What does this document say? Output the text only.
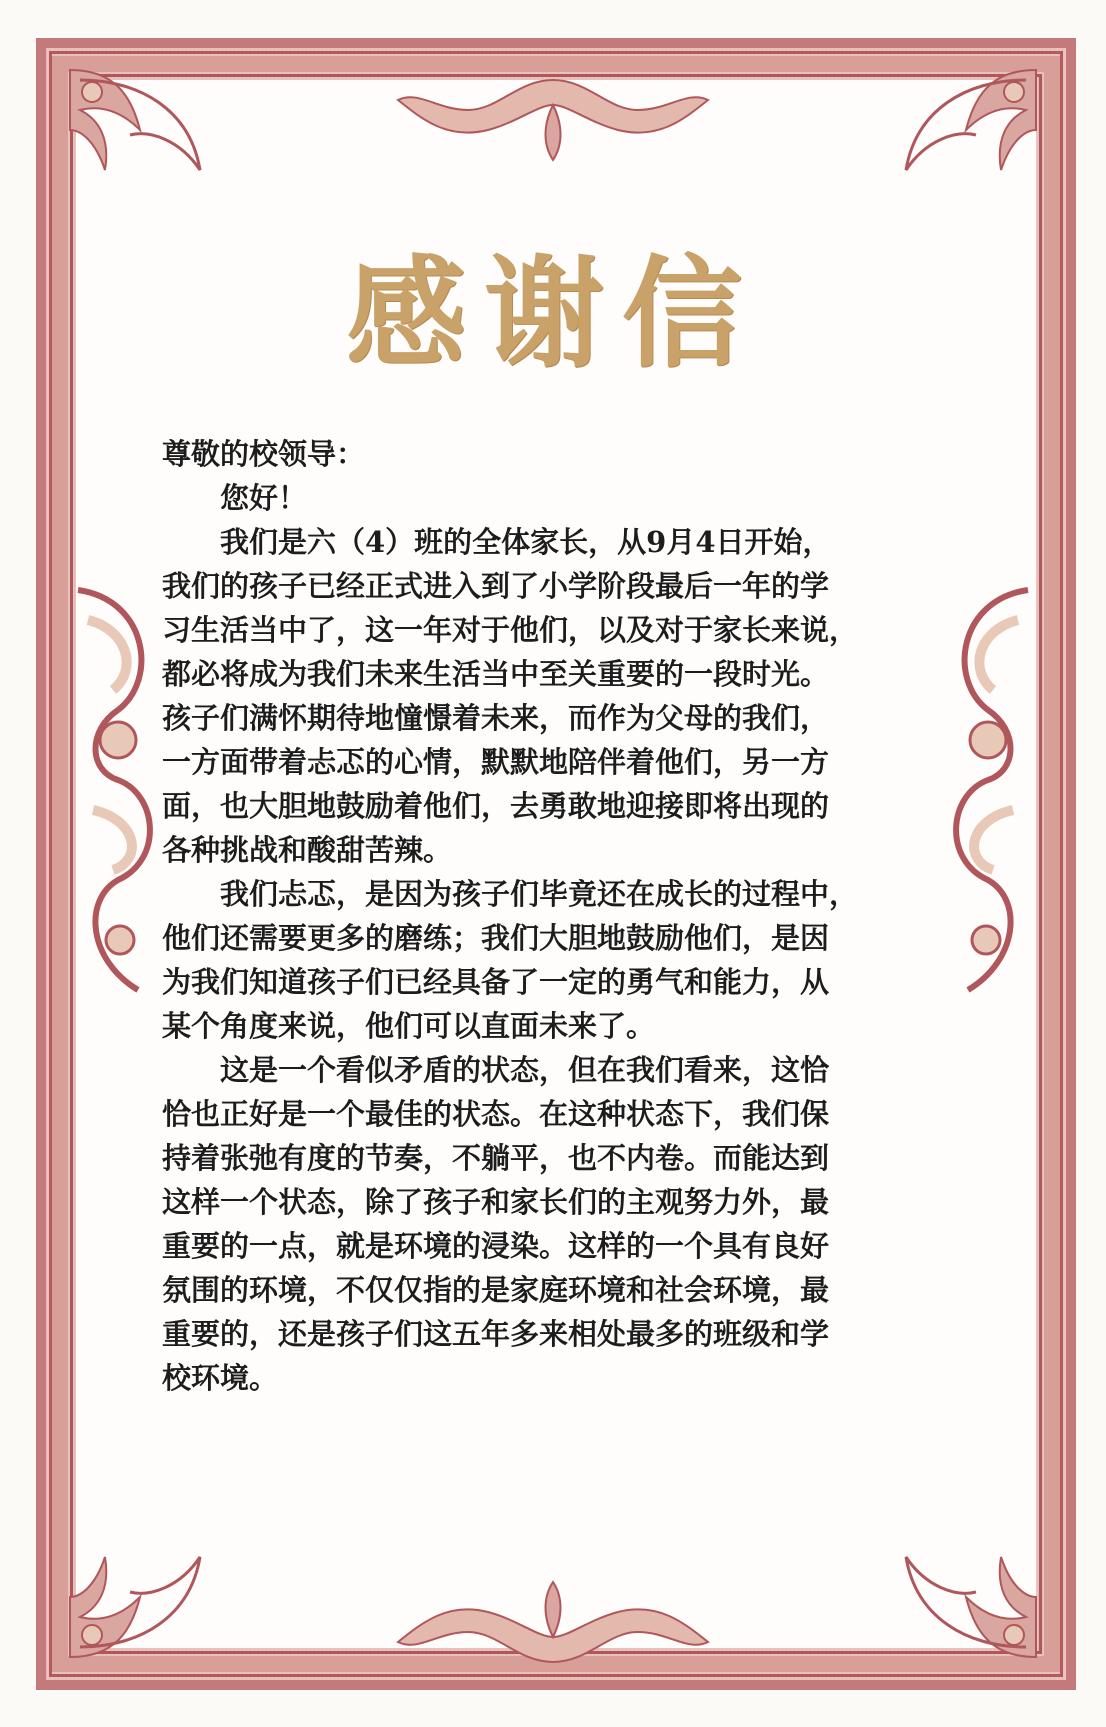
感谢信

尊敬的校领导：

您好！

我们是六（4）班的全体家长，从9月4日开始，
我们的孩子已经正式进入到了小学阶段最后一年的学
习生活当中了，这一年对于他们，以及对于家长来说，
都必将成为我们未来生活当中至关重要的一段时光。
孩子们满怀期待地憧憬着未来，而作为父母的我们，
一方面带着忐忑的心情，默默地陪伴着他们，另一方
面，也大胆地鼓励着他们，去勇敢地迎接即将出现的
各种挑战和酸甜苦辣。
我们忐忑，是因为孩子们毕竟还在成长的过程中，
他们还需要更多的磨练；我们大胆地鼓励他们，是因
为我们知道孩子们已经具备了一定的勇气和能力，从
某个角度来说，他们可以直面未来了。
这是一个看似矛盾的状态，但在我们看来，这恰
恰也正好是一个最佳的状态。在这种状态下，我们保
持着张弛有度的节奏，不躺平，也不内卷。而能达到
这样一个状态，除了孩子和家长们的主观努力外，最
重要的一点，就是环境的浸染。这样的一个具有良好
氛围的环境，不仅仅指的是家庭环境和社会环境，最
重要的，还是孩子们这五年多来相处最多的班级和学
校环境。
